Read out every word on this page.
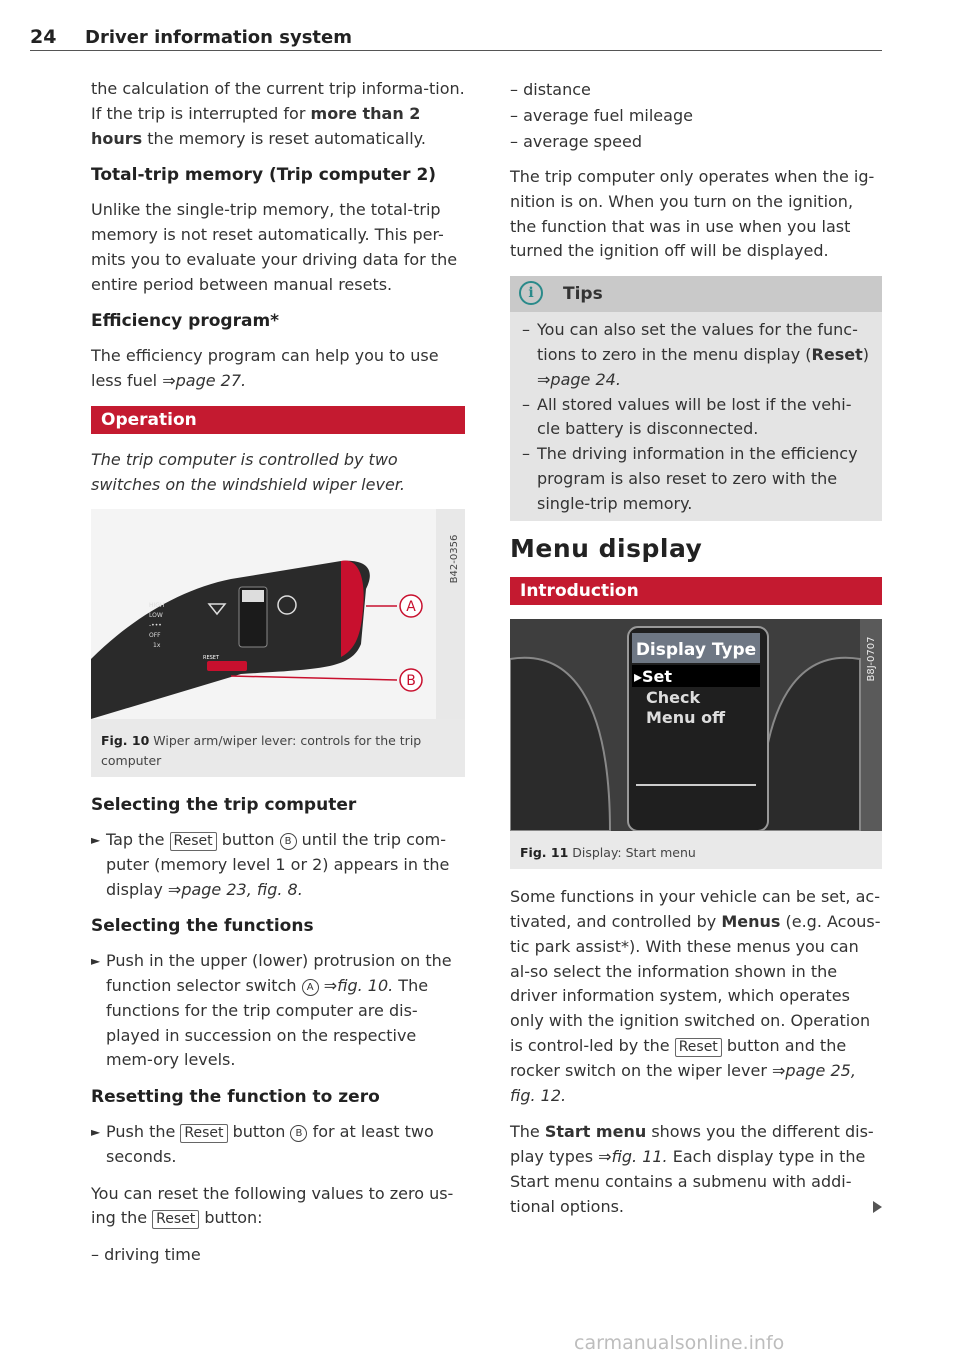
24 Driver information system

the calculation of the current trip informa-tion. If the trip is interrupted for more than 2 hours the memory is reset automatically.

Total-trip memory (Trip computer 2)

Unlike the single-trip memory, the total-trip memory is not reset automatically. This per-mits you to evaluate your driving data for the entire period between manual resets.

Efficiency program*

The efficiency program can help you to use less fuel ⇒page 27.

Operation

The trip computer is controlled by two switches on the windshield wiper lever.

HIGH
LOW
-•••
OFF
1x
RESET
A
B
B42-0356
Fig. 10 Wiper arm/wiper lever: controls for the trip computer
Selecting the trip computer

► Tap the Reset button B until the trip com-puter (memory level 1 or 2) appears in the display ⇒page 23, fig. 8.

Selecting the functions

► Push in the upper (lower) protrusion on the function selector switch A ⇒fig. 10. The functions for the trip computer are dis-played in succession on the respective mem-ory levels.

Resetting the function to zero

► Push the Reset button B for at least two seconds.

You can reset the following values to zero us-ing the Reset button:

– driving time
– distance
– average fuel mileage
– average speed

The trip computer only operates when the ig-nition is on. When you turn on the ignition, the function that was in use when you last turned the ignition off will be displayed.

i	Tips
– You can also set the values for the func-tions to zero in the menu display (Reset) ⇒page 24.
– All stored values will be lost if the vehi-cle battery is disconnected.
– The driving information in the efficiency program is also reset to zero with the single-trip memory.
Menu display
Introduction
Display Type
▸Set
Check
Menu off
B8J-0707
Fig. 11 Display: Start menu

Some functions in your vehicle can be set, ac-tivated, and controlled by Menus (e.g. Acous-tic park assist*). With these menus you can al-so select the information shown in the driver information system, which operates only with the ignition switched on. Operation is control-led by the Reset button and the rocker switch on the wiper lever ⇒page 25, fig. 12.

The Start menu shows you the different dis-play types ⇒fig. 11. Each display type in the Start menu contains a submenu with addi-tional options.

carmanualsonline.info
